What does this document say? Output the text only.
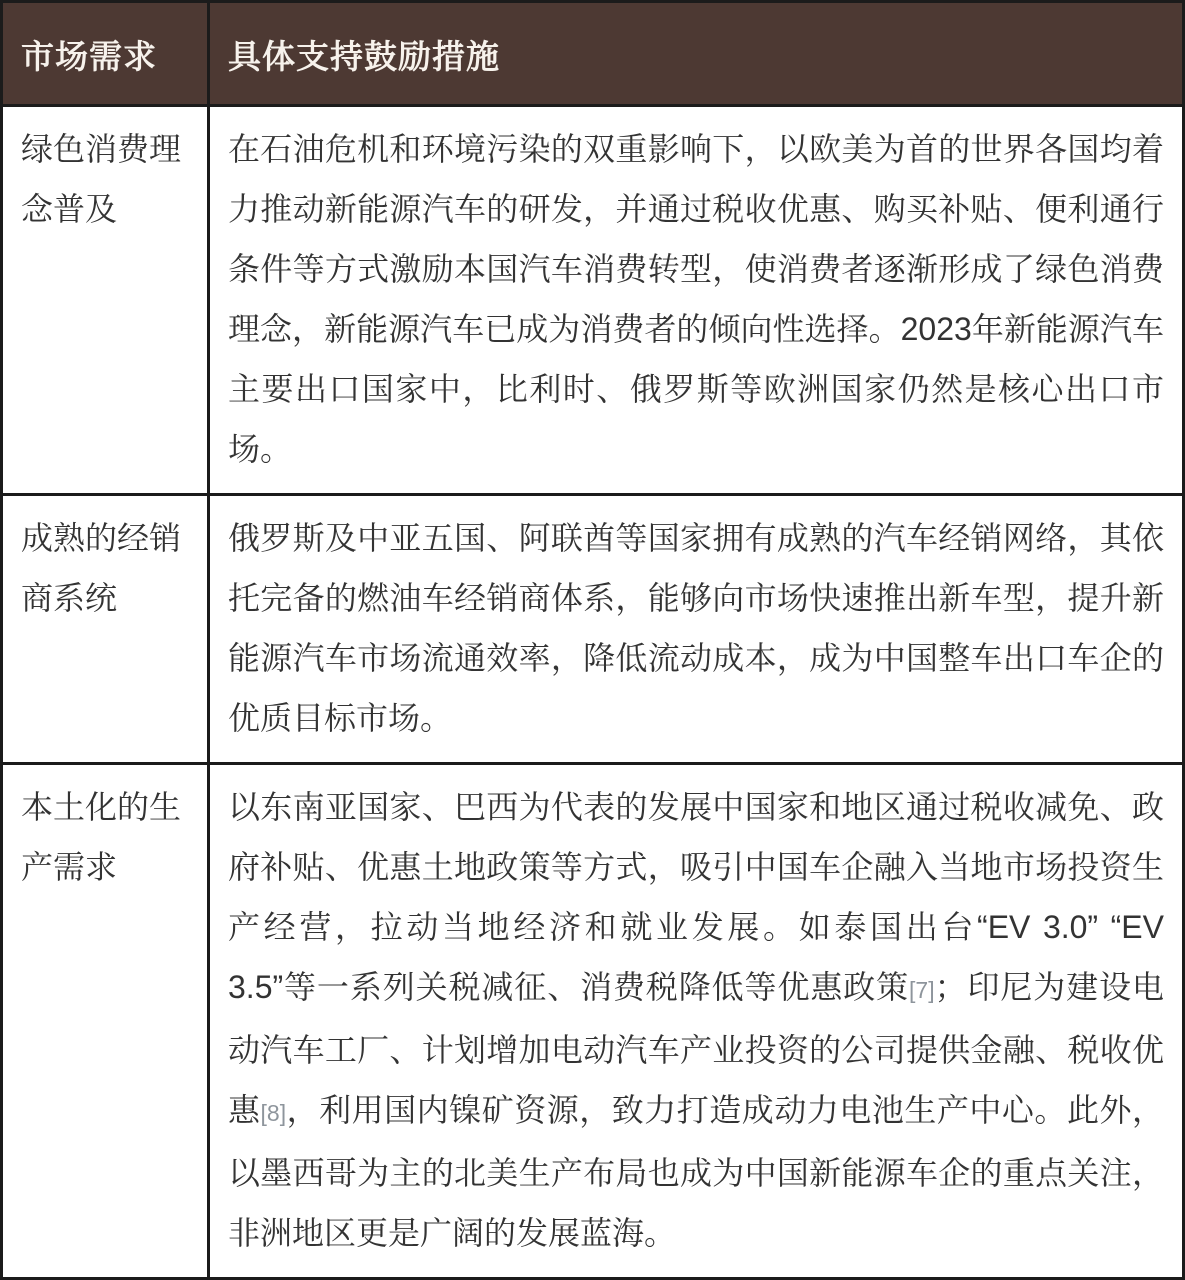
市场需求	具体支持鼓励措施
绿色消费理念普及	在石油危机和环境污染的双重影响下，以欧美为首的世界各国均着力推动新能源汽车的研发，并通过税收优惠、购买补贴、便利通行条件等方式激励本国汽车消费转型，使消费者逐渐形成了绿色消费理念，新能源汽车已成为消费者的倾向性选择。2023年新能源汽车主要出口国家中，比利时、俄罗斯等欧洲国家仍然是核心出口市场。
成熟的经销商系统	俄罗斯及中亚五国、阿联酋等国家拥有成熟的汽车经销网络，其依托完备的燃油车经销商体系，能够向市场快速推出新车型，提升新能源汽车市场流通效率，降低流动成本，成为中国整车出口车企的优质目标市场。
本土化的生产需求	以东南亚国家、巴西为代表的发展中国家和地区通过税收减免、政府补贴、优惠土地政策等方式，吸引中国车企融入当地市场投资生产经营，拉动当地经济和就业发展。如泰国出台“EV 3.0” “EV 3.5”等一系列关税减征、消费税降低等优惠政策[7]；印尼为建设电动汽车工厂、计划增加电动汽车产业投资的公司提供金融、税收优惠[8]，利用国内镍矿资源，致力打造成动力电池生产中心。此外，以墨西哥为主的北美生产布局也成为中国新能源车企的重点关注，非洲地区更是广阔的发展蓝海。
